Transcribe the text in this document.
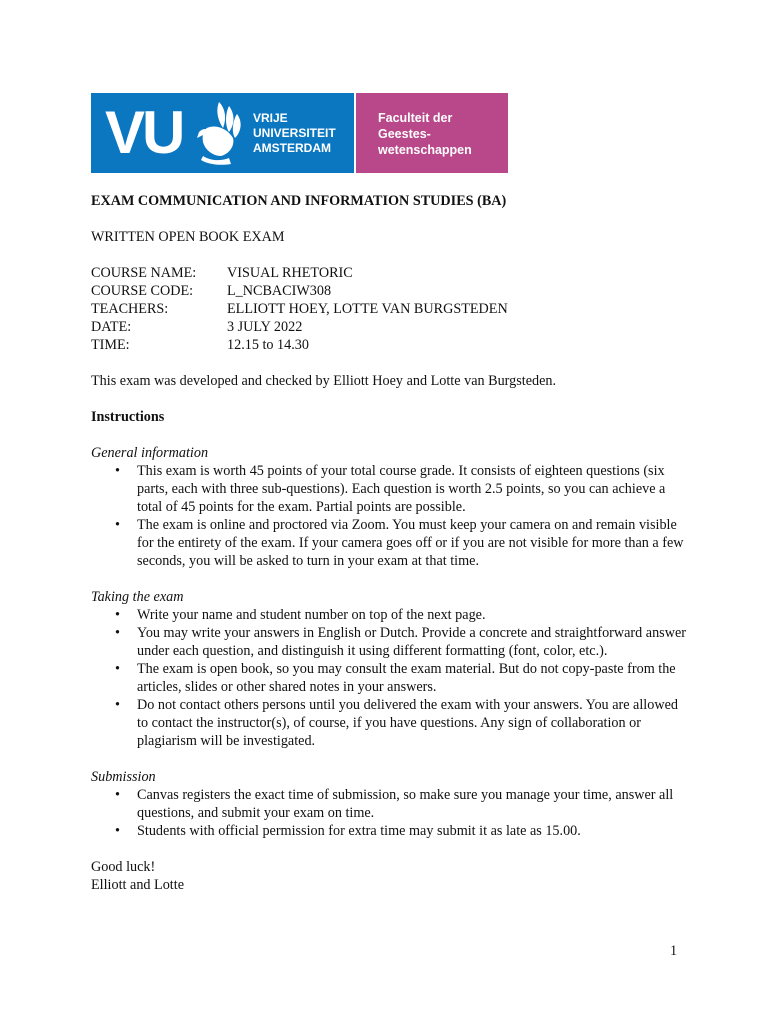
VU	VRIJE
UNIVERSITEIT
AMSTERDAM
Faculteit der
Geestes-
wetenschappen

EXAM COMMUNICATION AND INFORMATION STUDIES (BA)

WRITTEN OPEN BOOK EXAM

COURSE NAME:	VISUAL RHETORIC
COURSE CODE:	L_NCBACIW308
TEACHERS:	ELLIOTT HOEY, LOTTE VAN BURGSTEDEN
DATE:	3 JULY 2022
TIME:	12.15 to 14.30
This exam was developed and checked by Elliott Hoey and Lotte van Burgsteden.
Instructions
General information
• This exam is worth 45 points of your total course grade. It consists of eighteen questions (six parts, each with three sub-questions). Each question is worth 2.5 points, so you can achieve a total of 45 points for the exam. Partial points are possible.
• The exam is online and proctored via Zoom. You must keep your camera on and remain visible for the entirety of the exam. If your camera goes off or if you are not visible for more than a few seconds, you will be asked to turn in your exam at that time.
Taking the exam
• Write your name and student number on top of the next page.
• You may write your answers in English or Dutch. Provide a concrete and straightforward answer under each question, and distinguish it using different formatting (font, color, etc.).
• The exam is open book, so you may consult the exam material. But do not copy-paste from the articles, slides or other shared notes in your answers.
• Do not contact others persons until you delivered the exam with your answers. You are allowed to contact the instructor(s), of course, if you have questions. Any sign of collaboration or plagiarism will be investigated.
Submission
• Canvas registers the exact time of submission, so make sure you manage your time, answer all questions, and submit your exam on time.
• Students with official permission for extra time may submit it as late as 15.00.
Good luck!
Elliott and Lotte
1
